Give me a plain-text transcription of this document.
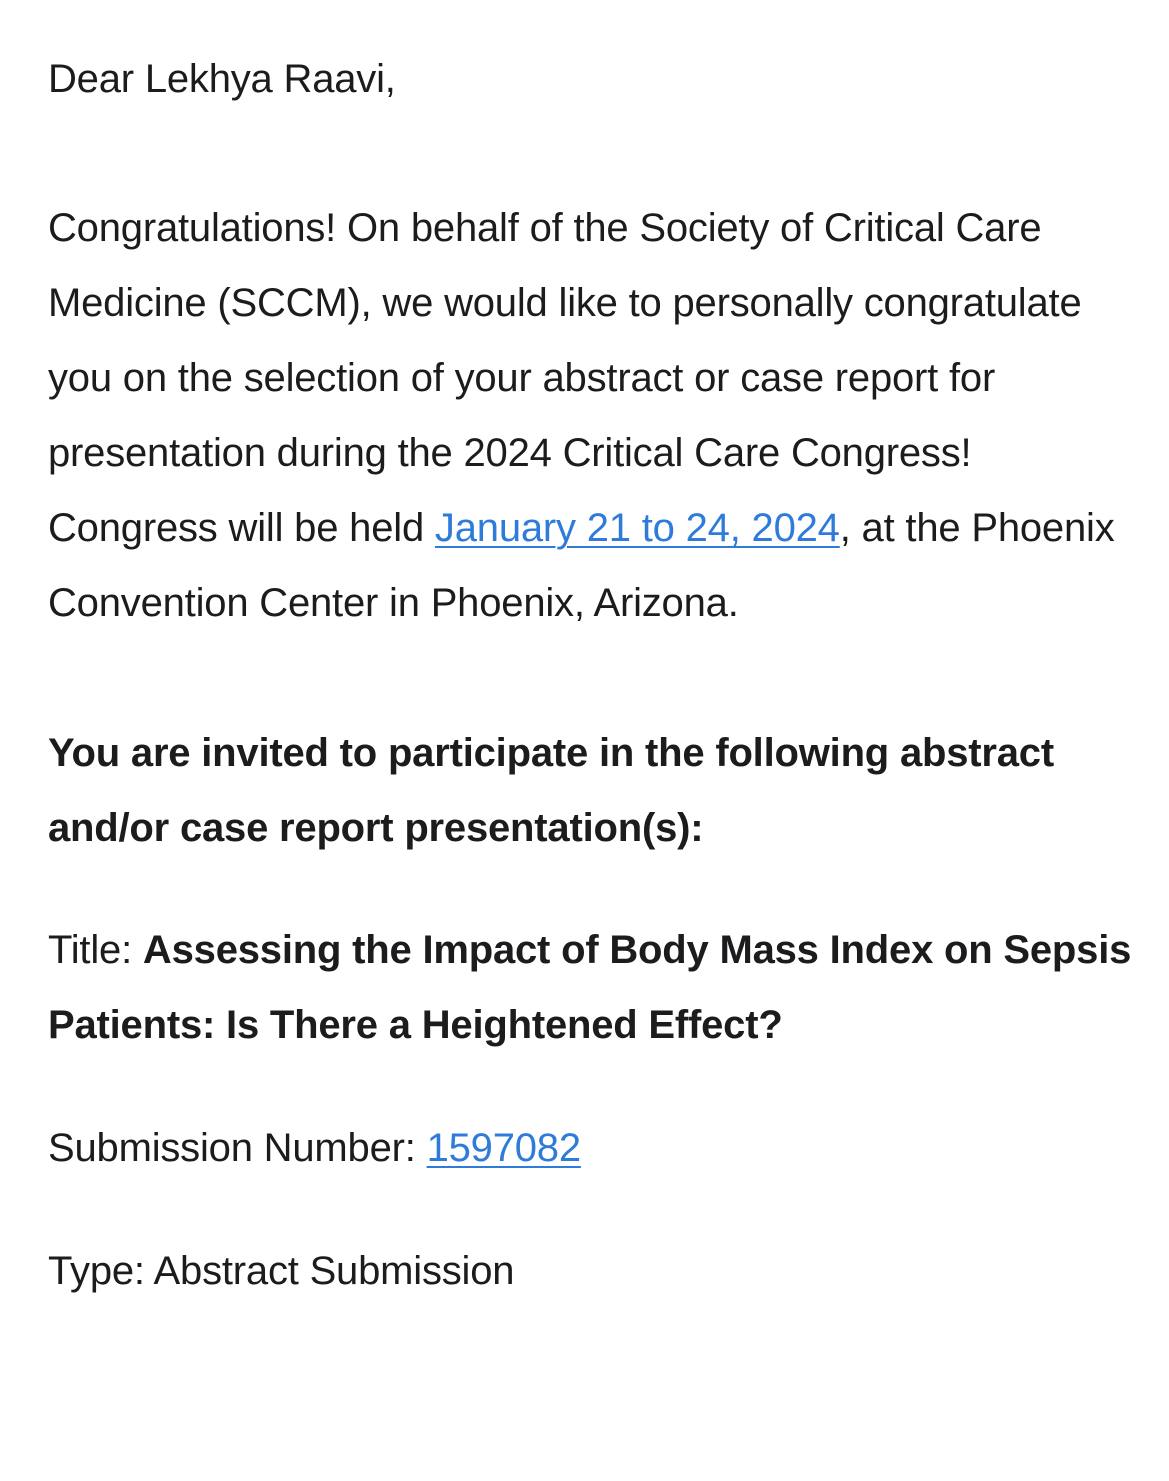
Dear Lekhya Raavi,

Congratulations! On behalf of the Society of Critical Care Medicine (SCCM), we would like to personally congratulate you on the selection of your abstract or case report for presentation during the 2024 Critical Care Congress! Congress will be held January 21 to 24, 2024, at the Phoenix Convention Center in Phoenix, Arizona.

You are invited to participate in the following abstract and/or case report presentation(s):

Title: Assessing the Impact of Body Mass Index on Sepsis Patients: Is There a Heightened Effect?

Submission Number: 1597082

Type: Abstract Submission
